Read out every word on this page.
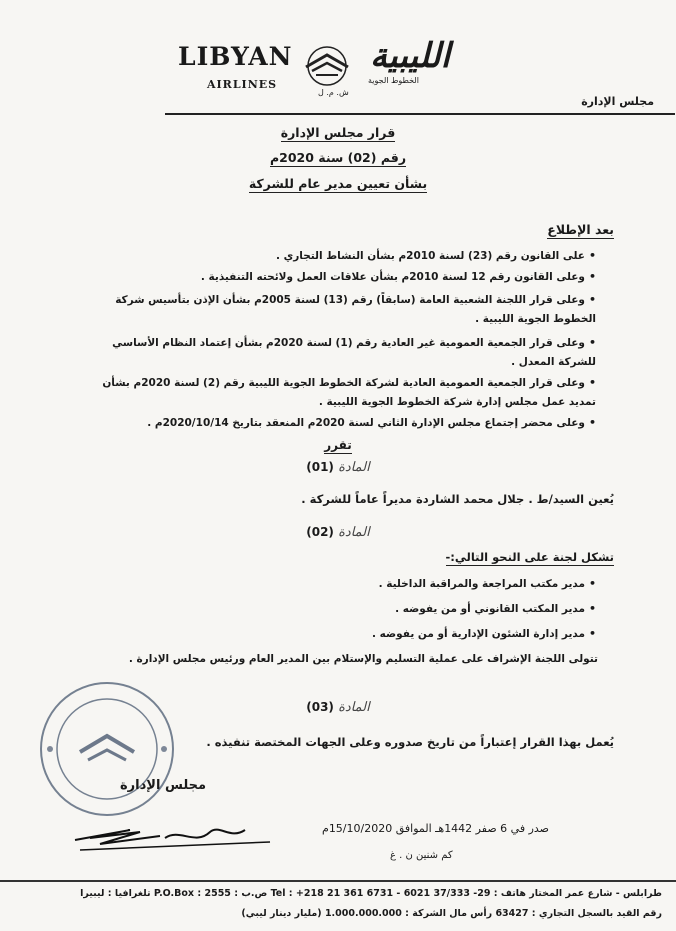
LIBYAN
AIRLINES
ش. م. ل
الليبية
الخطوط الجوية
مجلس الإدارة
قرار مجلس الإدارة
رقم (02) سنة 2020م
بشأن تعيين مدير عام للشركة
بعد الإطلاع
•على القانون رقم (23) لسنة 2010م بشأن النشاط التجاري .
•وعلى القانون رقم 12 لسنة 2010م بشأن علاقات العمل ولائحته التنفيذية .
•وعلى قرار اللجنة الشعبية العامة (سابقاً) رقم (13) لسنة 2005م بشأن الإذن بتأسيس شركة الخطوط الجوية الليبية .
•وعلى قرار الجمعية العمومية غير العادية رقم (1) لسنة 2020م بشأن إعتماد النظام الأساسي للشركة المعدل .
•وعلى قرار الجمعية العمومية العادية لشركة الخطوط الجوية الليبية رقم (2) لسنة 2020م بشأن تمديد عمل مجلس إدارة شركة الخطوط الجوية الليبية .
•وعلى محضر إجتماع مجلس الإدارة الثاني لسنة 2020م المنعقد بتاريخ 2020/10/14م .
تقرر
المادة (01)
يُعين السيد/ط . جلال محمد الشاردة مديراً عاماً للشركة .
المادة (02)
تشكل لجنة على النحو التالي:-
•مدير مكتب المراجعة والمراقبة الداخلية .
•مدير المكتب القانوني أو من يفوضه .
•مدير إدارة الشئون الإدارية أو من يفوضه .
تتولى اللجنة الإشراف على عملية التسليم والإستلام بين المدير العام ورئيس مجلس الإدارة .
المادة (03)
يُعمل بهذا القرار إعتباراً من تاريخ صدوره وعلى الجهات المختصة تنفيذه .
مجلس الإدارة
صدر في 6 صفر 1442هـ الموافق 15/10/2020م
كم شنين ن . غ
طرابلس - شارع عمر المختار هاتف : 29- 37/333 6021 - Tel : +218 21 361 6731 ص.ب : P.O.Box : 2555 تلغرافيا : ليبيرا
رقم القيد بالسجل التجاري : 63427 رأس مال الشركة : 1.000.000.000 (مليار دينار ليبي)
